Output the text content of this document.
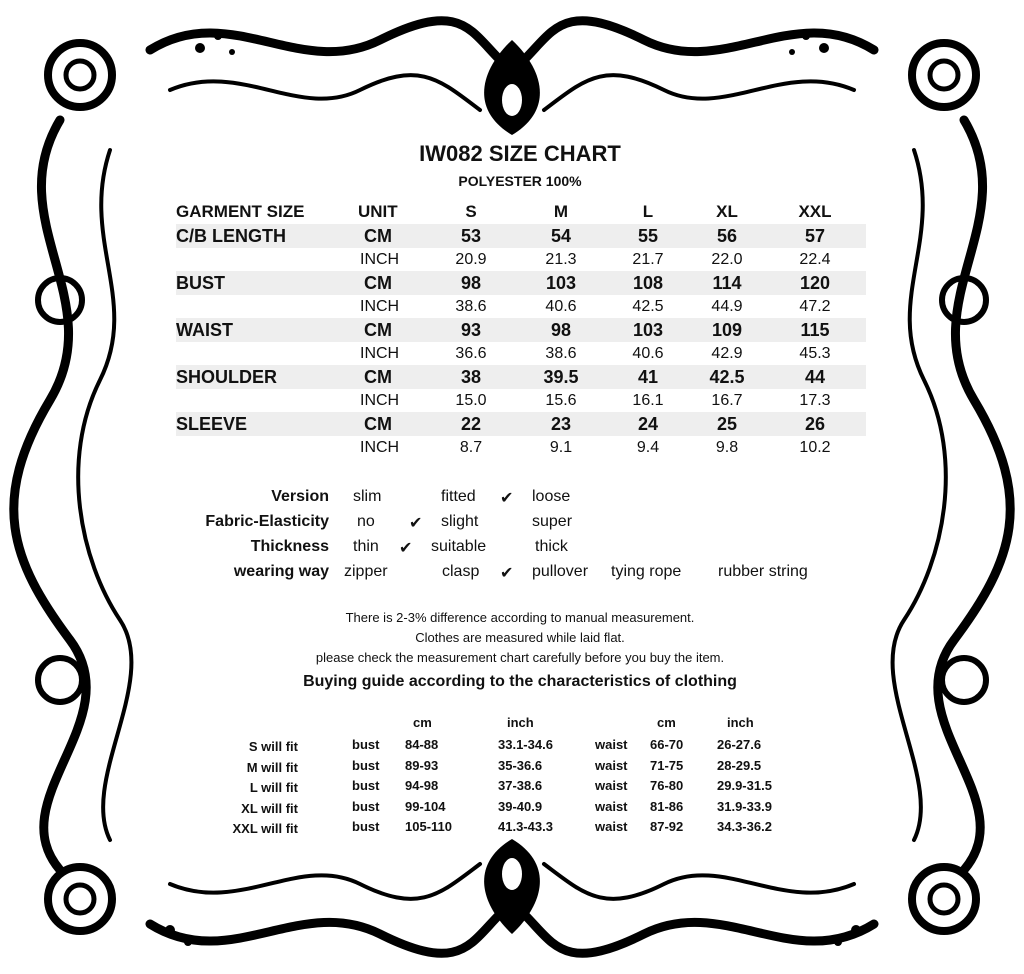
IW082 SIZE CHART
POLYESTER 100%
GARMENT SIZE	UNIT	S	M	L	XL	XXL
C/B LENGTH	CM	53	54	55	56	57
INCH	20.9	21.3	21.7	22.0	22.4
BUST	CM	98	103	108	114	120
INCH	38.6	40.6	42.5	44.9	47.2
WAIST	CM	93	98	103	109	115
INCH	36.6	38.6	40.6	42.9	45.3
SHOULDER	CM	38	39.5	41	42.5	44
INCH	15.0	15.6	16.1	16.7	17.3
SLEEVE	CM	22	23	24	25	26
INCH	8.7	9.1	9.4	9.8	10.2
Version slim	fitted ✔ loose
Fabric-Elasticity no ✔ slight	super
Thickness thin ✔ suitable	thick
wearing way zipper	clasp ✔ pullover tying rope rubber string
There is 2-3% difference according to manual measurement.
Clothes are measured while laid flat.
please check the measurement chart carefully before you buy the item.
Buying guide according to the characteristics of clothing
cm	inch	cm	inch
S will fit	bust 84-88	33.1-34.6	waist 66-70	26-27.6
M will fit	bust 89-93	35-36.6	waist 71-75	28-29.5
L will fit	bust 94-98	37-38.6	waist 76-80	29.9-31.5
XL will fit	bust 99-104	39-40.9	waist 81-86	31.9-33.9
XXL will fit	bust 105-110	41.3-43.3	waist 87-92	34.3-36.2
